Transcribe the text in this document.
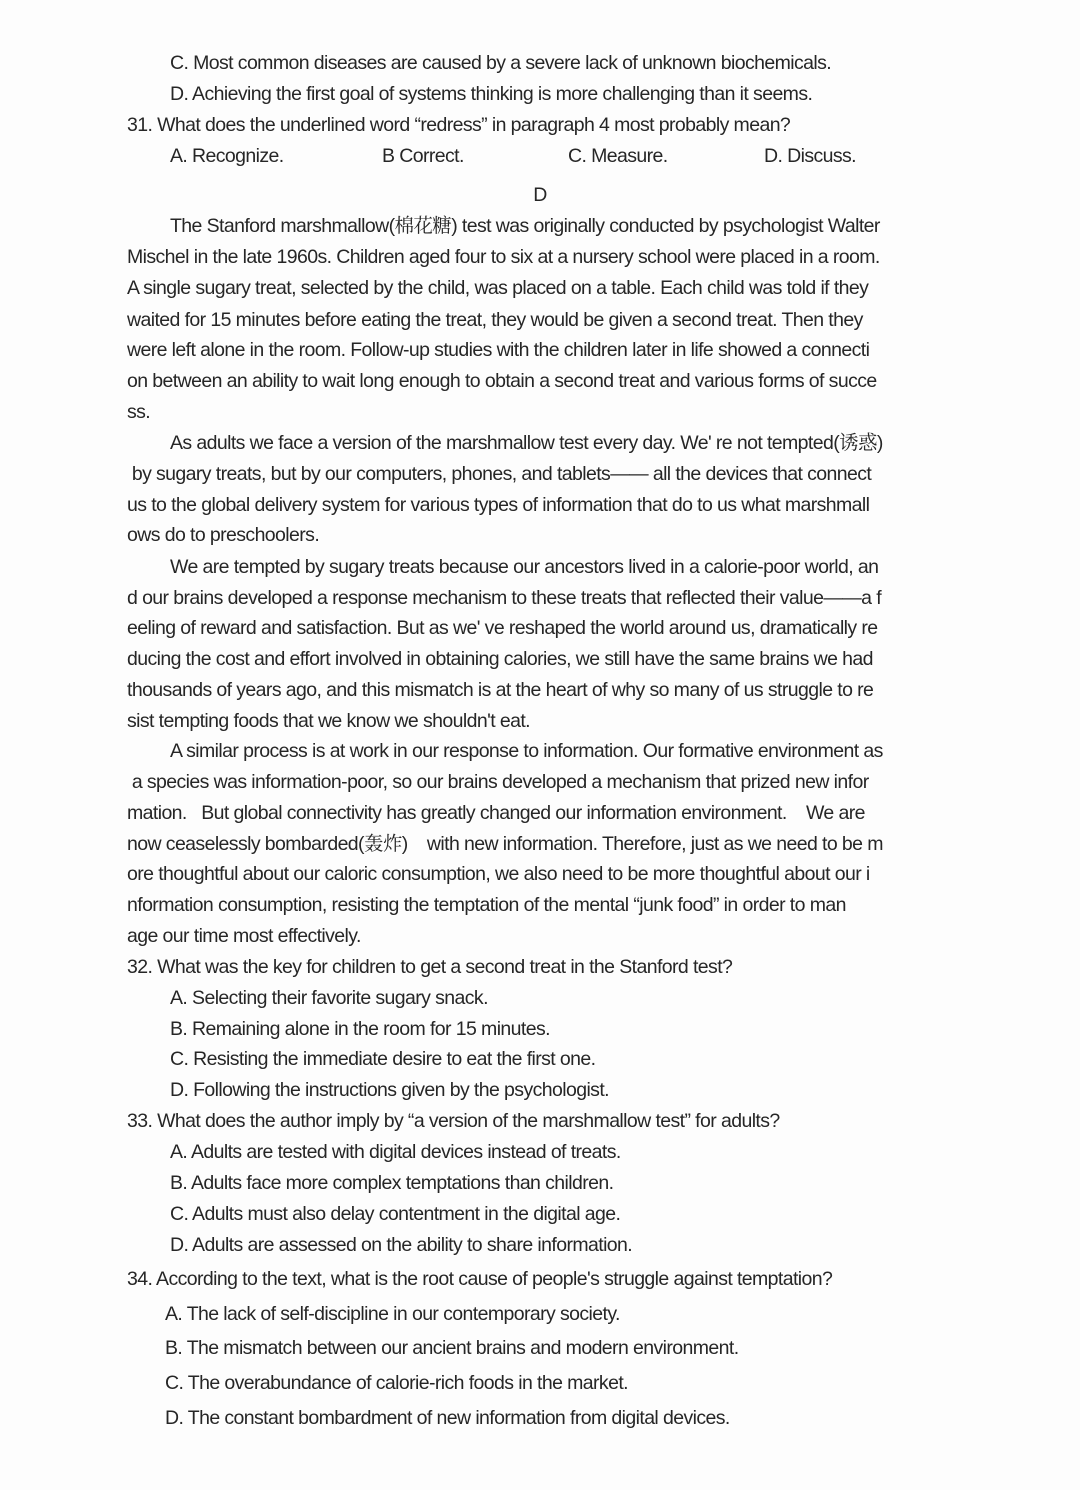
C. Most common diseases are caused by a severe lack of unknown biochemicals.
D. Achieving the first goal of systems thinking is more challenging than it seems.
31. What does the underlined word “redress” in paragraph 4 most probably mean?
A. Recognize.	B Correct.	C. Measure.	D. Discuss.
D
The Stanford marshmallow(棉花糖) test was originally conducted by psychologist Walter
Mischel in the late 1960s. Children aged four to six at a nursery school were placed in a room.
A single sugary treat, selected by the child, was placed on a table. Each child was told if they
waited for 15 minutes before eating the treat, they would be given a second treat. Then they
were left alone in the room. Follow-up studies with the children later in life showed a connecti
on between an ability to wait long enough to obtain a second treat and various forms of succe
ss.
As adults we face a version of the marshmallow test every day. We' re not tempted(诱惑)
by sugary treats, but by our computers, phones, and tablets—— all the devices that connect
us to the global delivery system for various types of information that do to us what marshmall
ows do to preschoolers.
We are tempted by sugary treats because our ancestors lived in a calorie-poor world, an
d our brains developed a response mechanism to these treats that reflected their value——a f
eeling of reward and satisfaction. But as we' ve reshaped the world around us, dramatically re
ducing the cost and effort involved in obtaining calories, we still have the same brains we had
thousands of years ago, and this mismatch is at the heart of why so many of us struggle to re
sist tempting foods that we know we shouldn't eat.
A similar process is at work in our response to information. Our formative environment as
a species was information-poor, so our brains developed a mechanism that prized new infor
mation.   But global connectivity has greatly changed our information environment.    We are
now ceaselessly bombarded(轰炸)    with new information. Therefore, just as we need to be m
ore thoughtful about our caloric consumption, we also need to be more thoughtful about our i
nformation consumption, resisting the temptation of the mental “junk food” in order to man
age our time most effectively.
32. What was the key for children to get a second treat in the Stanford test?
A. Selecting their favorite sugary snack.
B. Remaining alone in the room for 15 minutes.
C. Resisting the immediate desire to eat the first one.
D. Following the instructions given by the psychologist.
33. What does the author imply by “a version of the marshmallow test” for adults?
A. Adults are tested with digital devices instead of treats.
B. Adults face more complex temptations than children.
C. Adults must also delay contentment in the digital age.
D. Adults are assessed on the ability to share information.
34. According to the text, what is the root cause of people's struggle against temptation?
A. The lack of self-discipline in our contemporary society.
B. The mismatch between our ancient brains and modern environment.
C. The overabundance of calorie-rich foods in the market.
D. The constant bombardment of new information from digital devices.
